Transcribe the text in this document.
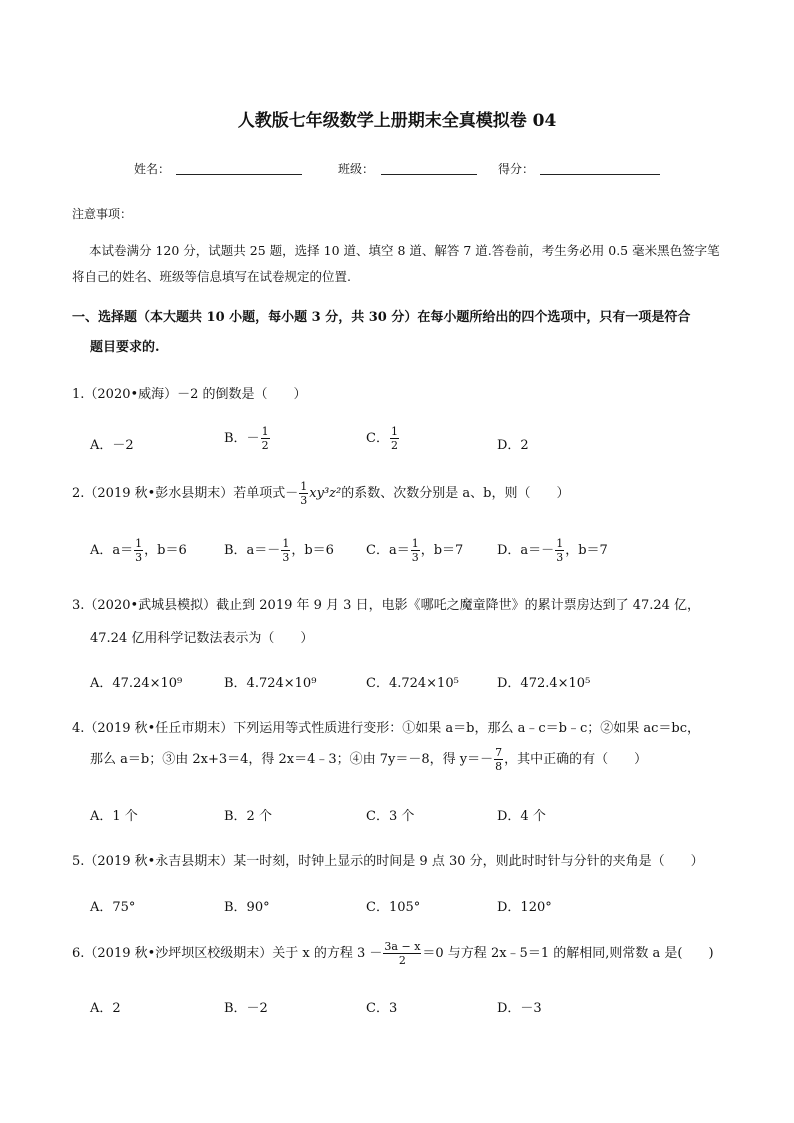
人教版七年级数学上册期末全真模拟卷 04
姓名：	班级：	得分：
注意事项：
本试卷满分 120 分，试题共 25 题，选择 10 道、填空 8 道、解答 7 道.答卷前，考生务必用 0.5 毫米黑色签字笔将自己的姓名、班级等信息填写在试卷规定的位置.
一、选择题（本大题共 10 小题，每小题 3 分，共 30 分）在每小题所给出的四个选项中，只有一项是符合
题目要求的.
1.（2020•威海）－2 的倒数是（　　）
A．－2	B．－ $\frac{1}{2}$	C． $\frac{1}{2}$	D．2
2.（2019 秋•彭水县期末）若单项式－ $\frac{1}{3} xy^3z^2$的系数、次数分别是 a、b，则（　　）
A．$a= \frac{1}{3}$ ，b＝6	B．$a=- \frac{1}{3}$ ，b＝6 C．$a= \frac{1}{3}$ ，b＝7	D．$a=- \frac{1}{3}$ ，b＝7
3.（2020•武城县模拟）截止到 2019 年 9 月 3 日，电影《哪吒之魔童降世》的累计票房达到了 47.24 亿，
47.24 亿用科学记数法表示为（　　）
A．47.24×10⁹	B．4.724×10⁹	C．4.724×10⁵	D．472.4×10⁵
4.（2019 秋•任丘市期末）下列运用等式性质进行变形：①如果 a＝b，那么 a﹣c＝b﹣c；②如果 ac＝bc，
那么 a＝b；③由 2x+3＝4，得 2x＝4﹣3；④由 7y＝－8，得 $y=- \frac{7}{8}$ ，其中正确的有（　　）
A．1 个	B．2 个	C．3 个	D．4 个
5.（2019 秋•永吉县期末）某一时刻，时钟上显示的时间是 9 点 30 分，则此时时针与分针的夹角是（　　）
A．75°	B．90°	C．105°	D．120°
6.（2019 秋•沙坪坝区校级期末）关于 x 的方程 $3 - \frac{3a - x}{2} =0$ 与方程 2x﹣5＝1 的解相同,则常数 a 是(　　)
A．2	B．－2	C．3	D．－3
